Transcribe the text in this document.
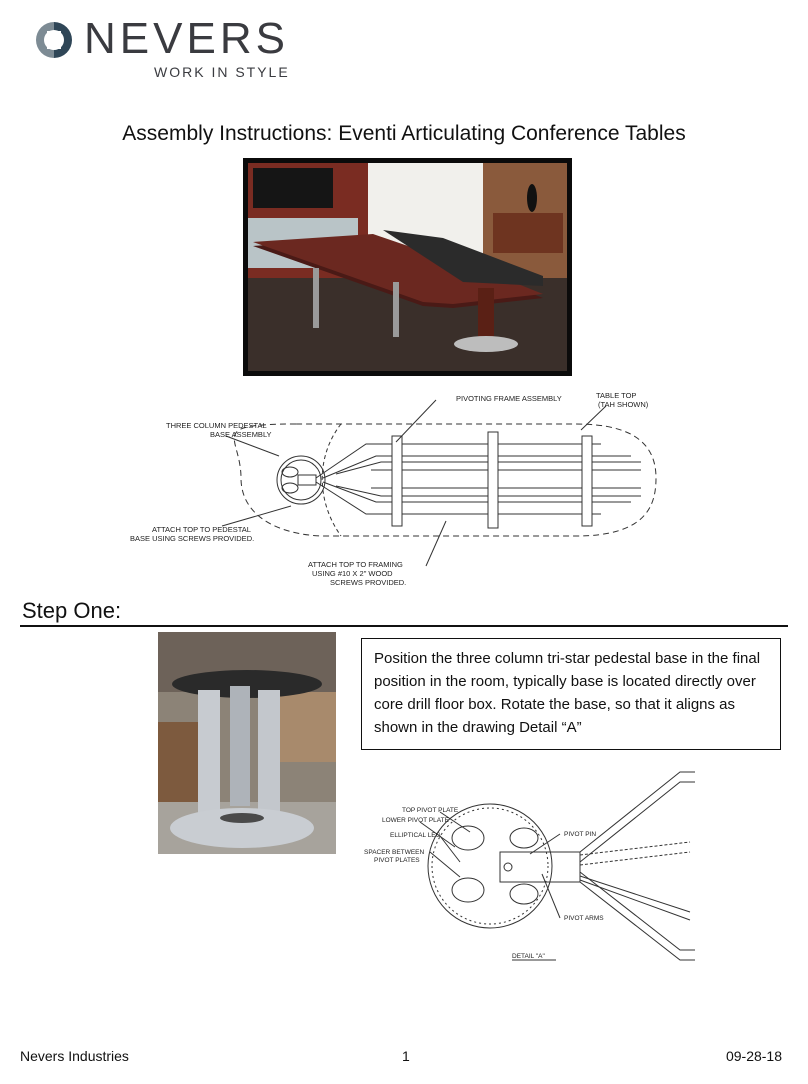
NEVERS
WORK IN STYLE
Assembly Instructions: Eventi Articulating Conference Tables
THREE COLUMN PEDESTAL
BASE ASSEMBLY
PIVOTING FRAME ASSEMBLY	TABLE TOP
(TAH SHOWN)
ATTACH TOP TO PEDESTAL
BASE USING SCREWS PROVIDED.
ATTACH TOP TO FRAMING
USING #10 X 2" WOOD
SCREWS PROVIDED.
Step One:
Position the three column tri-star pedestal base in the final position in the room, typically base is located directly over core drill floor box. Rotate the base, so that it aligns as shown in the drawing Detail “A”
TOP PIVOT PLATE
LOWER PIVOT PLATE
ELLIPTICAL LEG
SPACER BETWEEN
PIVOT PLATES
PIVOT PIN
PIVOT ARMS
DETAIL "A"
Nevers Industries	1	09-28-18
